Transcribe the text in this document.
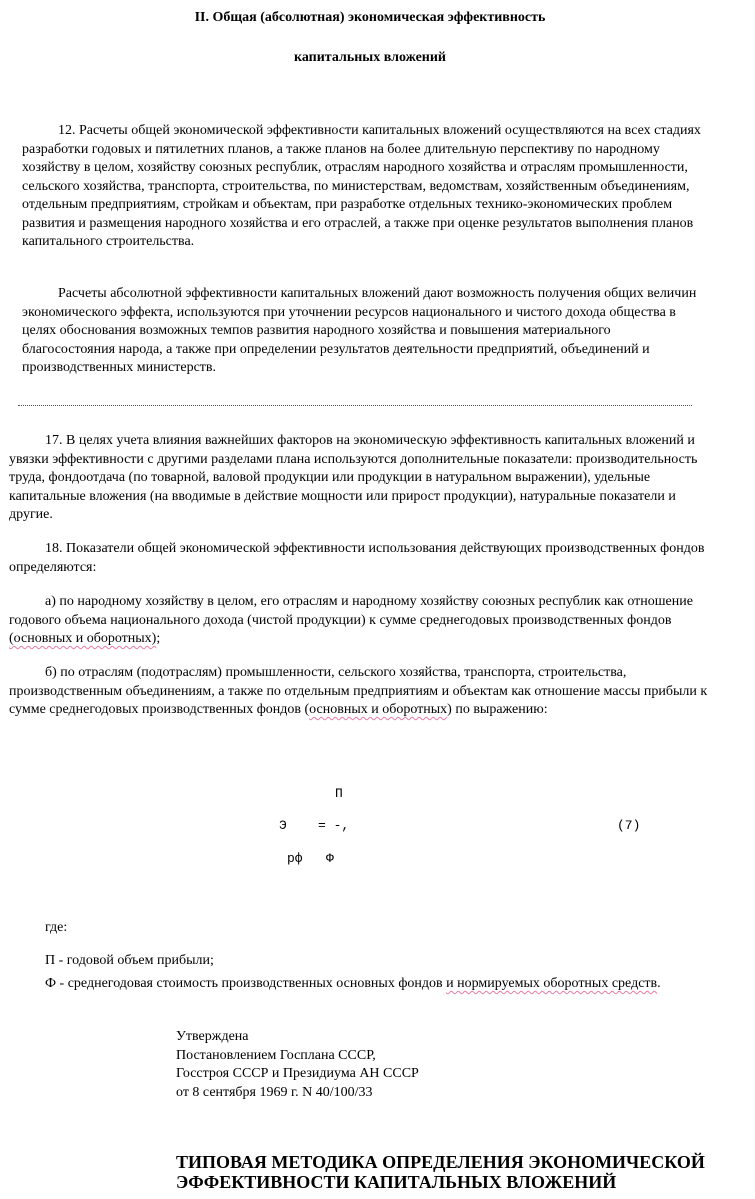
II. Общая (абсолютная) экономическая эффективность
капитальных вложений

12. Расчеты общей экономической эффективности капитальных вложений осуществляются на всех стадиях разработки годовых и пятилетних планов, а также планов на более длительную перспективу по народному хозяйству в целом, хозяйству союзных республик, отраслям народного хозяйства и отраслям промышленности, сельского хозяйства, транспорта, строительства, по министерствам, ведомствам, хозяйственным объединениям, отдельным предприятиям, стройкам и объектам, при разработке отдельных технико-экономических проблем развития и размещения народного хозяйства и его отраслей, а также при оценке результатов выполнения планов капитального строительства.

Расчеты абсолютной эффективности капитальных вложений дают возможность получения общих величин экономического эффекта, используются при уточнении ресурсов национального и чистого дохода общества в целях обоснования возможных темпов развития народного хозяйства и повышения материального благосостояния народа, а также при определении результатов деятельности предприятий, объединений и производственных министерств.

17. В целях учета влияния важнейших факторов на экономическую эффективность капитальных вложений и увязки эффективности с другими разделами плана используются дополнительные показатели: производительность труда, фондоотдача (по товарной, валовой продукции или продукции в натуральном выражении), удельные капитальные вложения (на вводимые в действие мощности или прирост продукции), натуральные показатели и другие.

18. Показатели общей экономической эффективности использования действующих производственных фондов определяются:

а) по народному хозяйству в целом, его отраслям и народному хозяйству союзных республик как отношение годового объема национального дохода (чистой продукции) к сумме среднегодовых производственных фондов (основных и оборотных);

б) по отраслям (подотраслям) промышленности, сельского хозяйства, транспорта, строительства, производственным объединениям, а также по отдельным предприятиям и объектам как отношение массы прибыли к сумме среднегодовых производственных фондов (основных и оборотных) по выражению:

П
Э    = -,	(7)
рф   Ф
где:
П - годовой объем прибыли;

Ф - среднегодовая стоимость производственных основных фондов и нормируемых оборотных средств.

Утверждена
Постановлением Госплана СССР,
Госстроя СССР и Президиума АН СССР
от 8 сентября 1969 г. N 40/100/33
ТИПОВАЯ МЕТОДИКА ОПРЕДЕЛЕНИЯ ЭКОНОМИЧЕСКОЙ
ЭФФЕКТИВНОСТИ КАПИТАЛЬНЫХ ВЛОЖЕНИЙ
